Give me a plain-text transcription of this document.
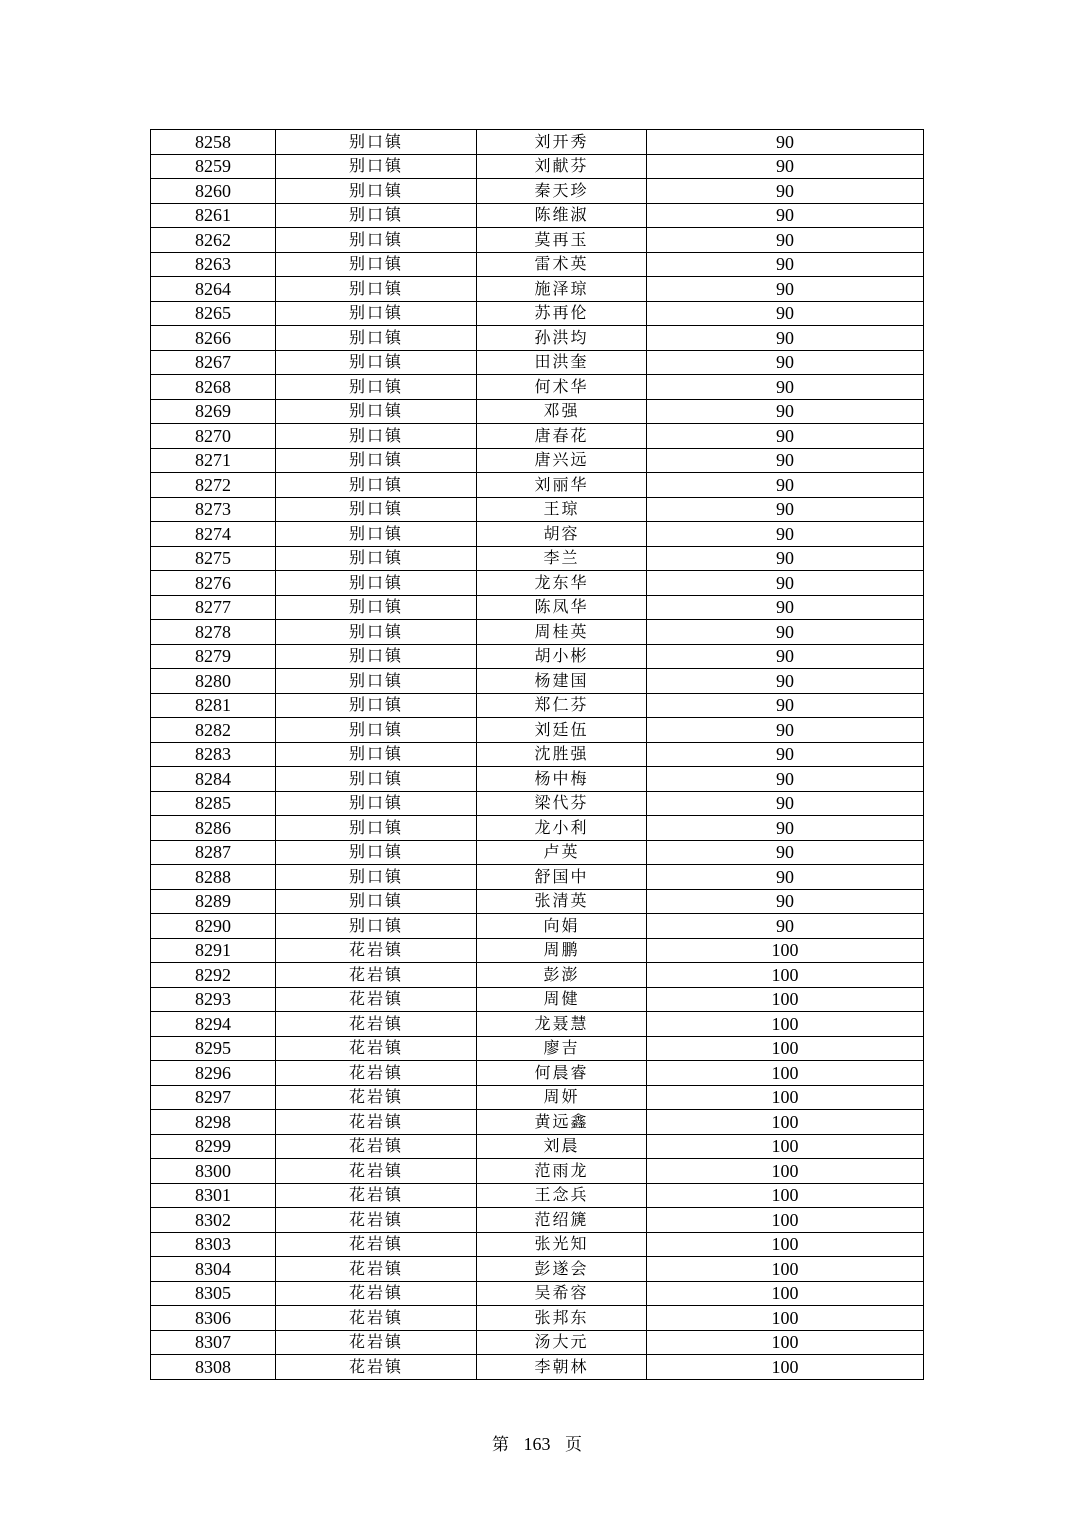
8258	别口镇	刘开秀	90
8259	别口镇	刘献芬	90
8260	别口镇	秦天珍	90
8261	别口镇	陈维淑	90
8262	别口镇	莫再玉	90
8263	别口镇	雷术英	90
8264	别口镇	施泽琼	90
8265	别口镇	苏再伦	90
8266	别口镇	孙洪均	90
8267	别口镇	田洪奎	90
8268	别口镇	何术华	90
8269	别口镇	邓强	90
8270	别口镇	唐春花	90
8271	别口镇	唐兴远	90
8272	别口镇	刘丽华	90
8273	别口镇	王琼	90
8274	别口镇	胡容	90
8275	别口镇	李兰	90
8276	别口镇	龙东华	90
8277	别口镇	陈凤华	90
8278	别口镇	周桂英	90
8279	别口镇	胡小彬	90
8280	别口镇	杨建国	90
8281	别口镇	郑仁芬	90
8282	别口镇	刘廷伍	90
8283	别口镇	沈胜强	90
8284	别口镇	杨中梅	90
8285	别口镇	梁代芬	90
8286	别口镇	龙小利	90
8287	别口镇	卢英	90
8288	别口镇	舒国中	90
8289	别口镇	张清英	90
8290	别口镇	向娟	90
8291	花岩镇	周鹏	100
8292	花岩镇	彭澎	100
8293	花岩镇	周健	100
8294	花岩镇	龙聂慧	100
8295	花岩镇	廖吉	100
8296	花岩镇	何晨睿	100
8297	花岩镇	周妍	100
8298	花岩镇	黄远鑫	100
8299	花岩镇	刘晨	100
8300	花岩镇	范雨龙	100
8301	花岩镇	王念兵	100
8302	花岩镇	范绍篪	100
8303	花岩镇	张光知	100
8304	花岩镇	彭遂会	100
8305	花岩镇	吴希容	100
8306	花岩镇	张邦东	100
8307	花岩镇	汤大元	100
8308	花岩镇	李朝林	100
第 163 页
